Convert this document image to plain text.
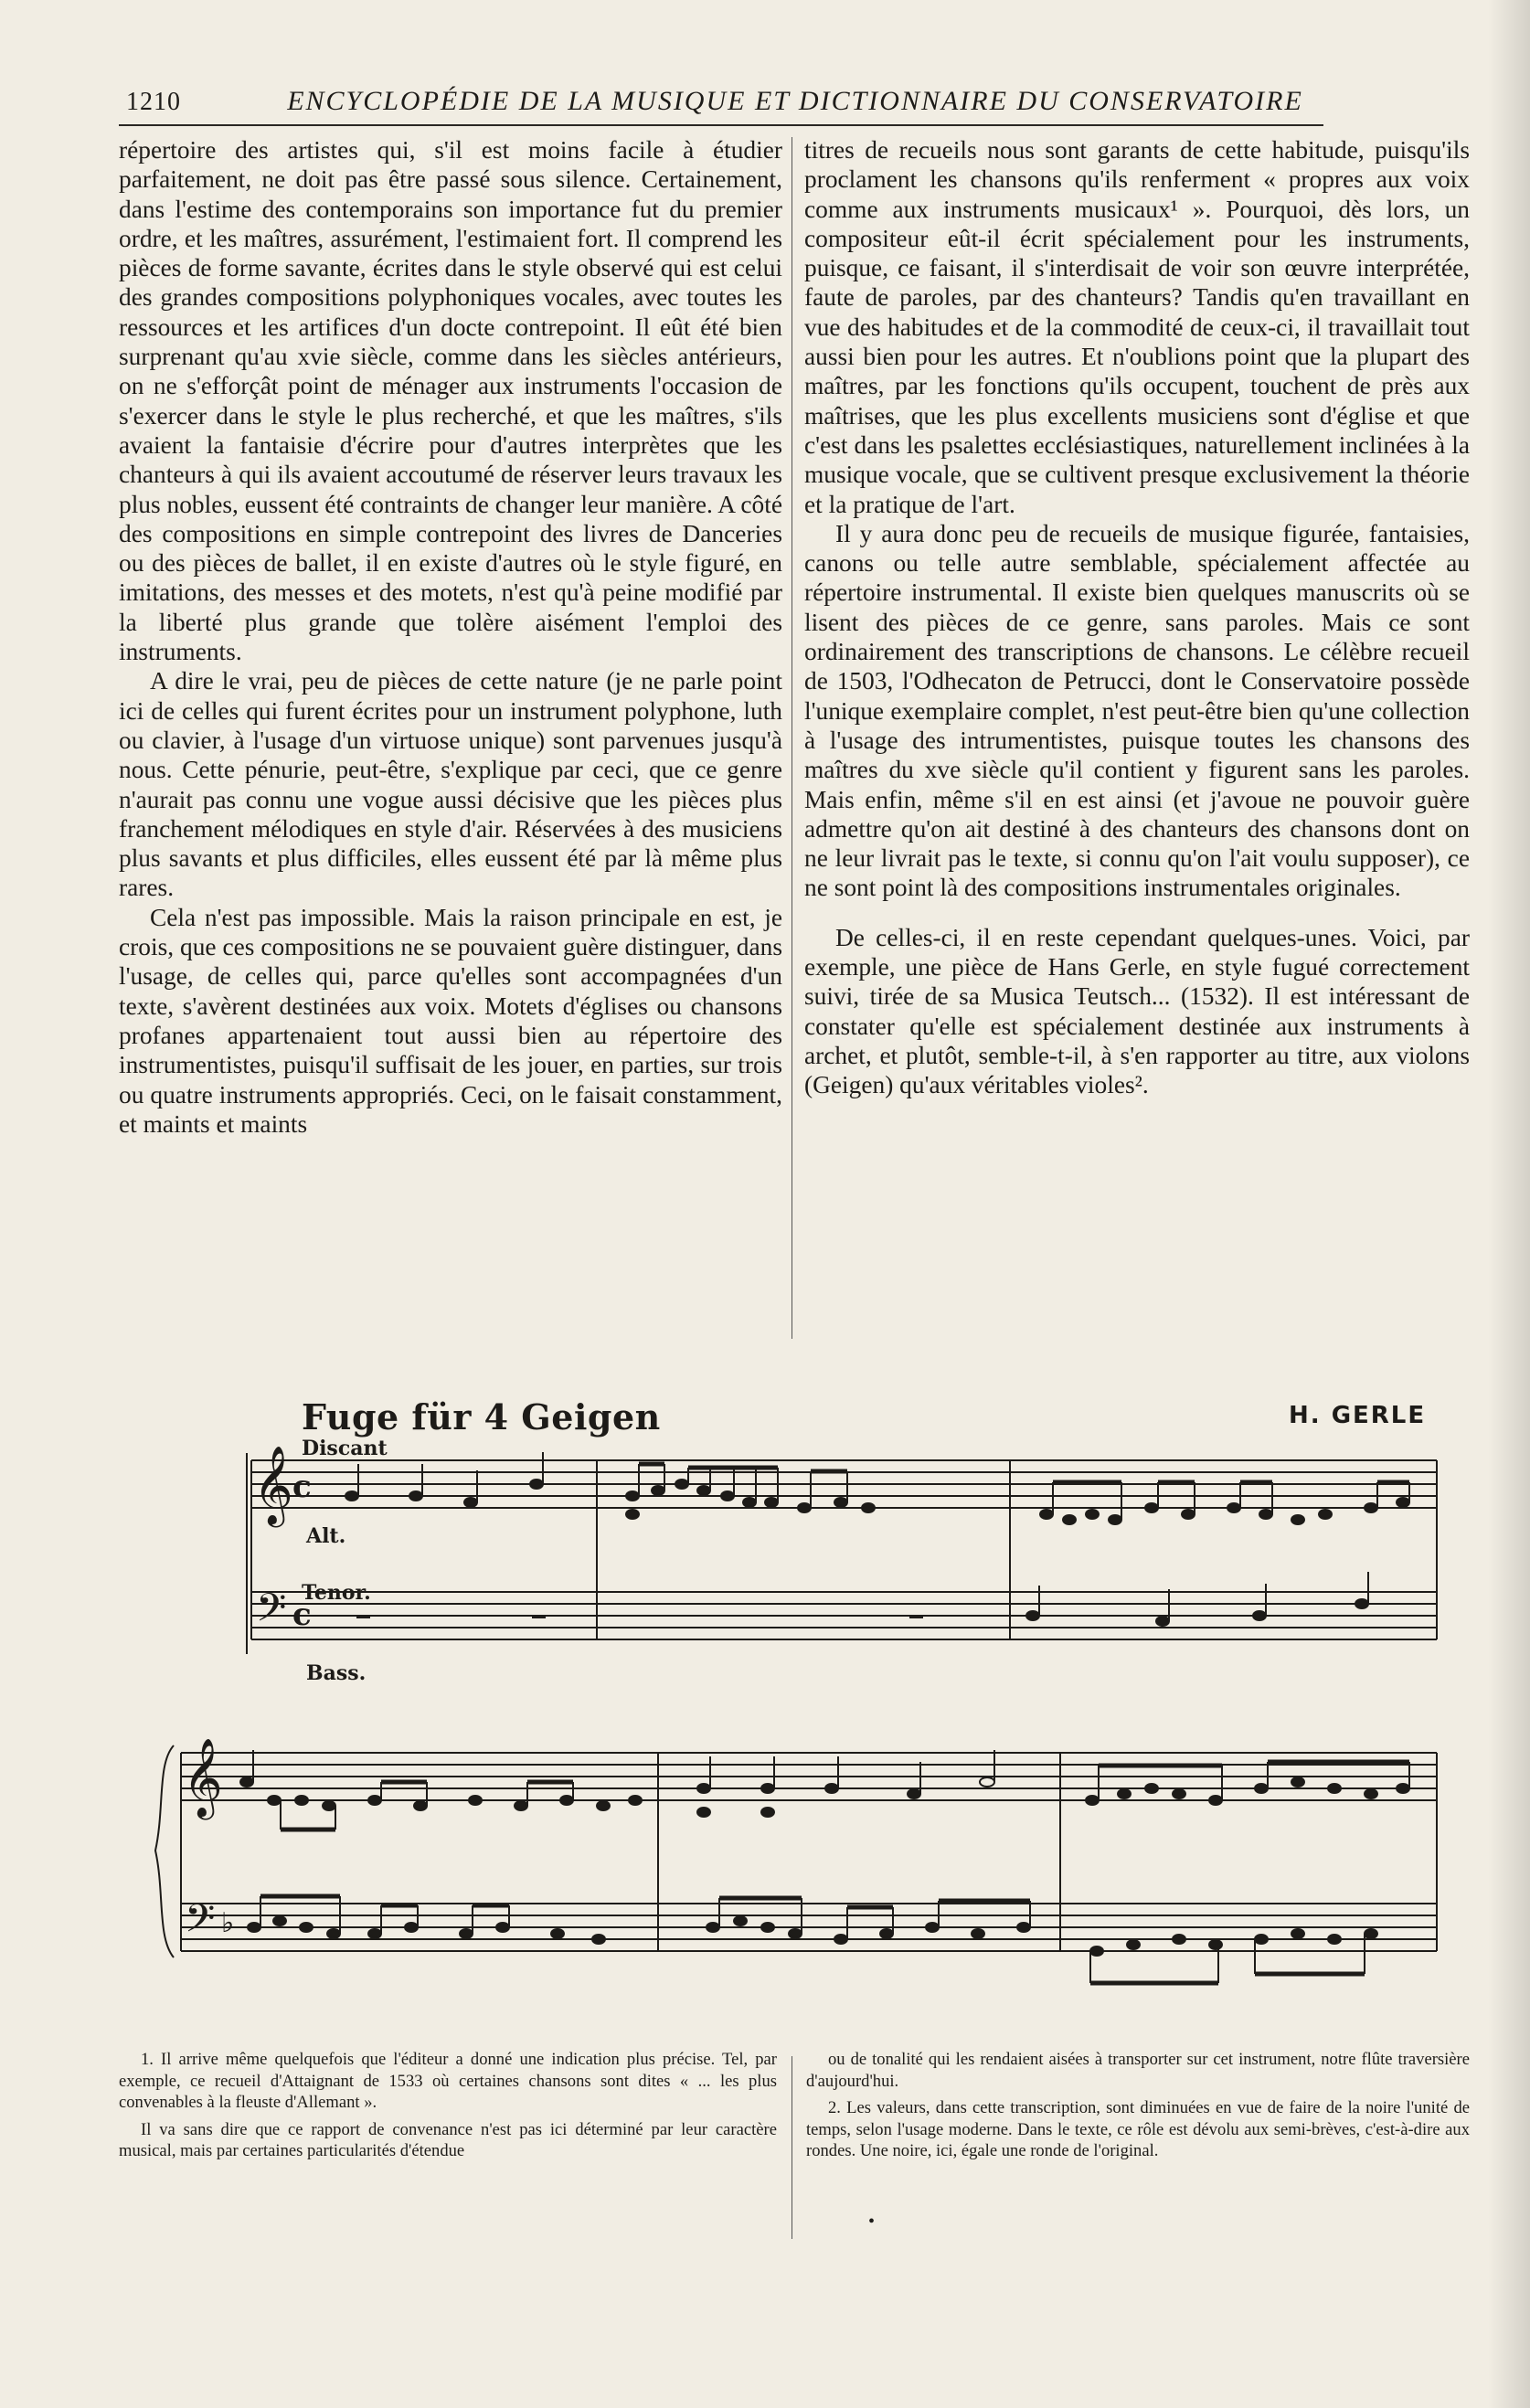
1210	ENCYCLOPÉDIE DE LA MUSIQUE ET DICTIONNAIRE DU CONSERVATOIRE

répertoire des artistes qui, s'il est moins facile à étudier parfaitement, ne doit pas être passé sous silence. Certainement, dans l'estime des contemporains son importance fut du premier ordre, et les maîtres, assurément, l'estimaient fort. Il comprend les pièces de forme savante, écrites dans le style observé qui est celui des grandes compositions polyphoniques vocales, avec toutes les ressources et les artifices d'un docte contrepoint. Il eût été bien surprenant qu'au xvie siècle, comme dans les siècles antérieurs, on ne s'efforçât point de ménager aux instruments l'occasion de s'exercer dans le style le plus recherché, et que les maîtres, s'ils avaient la fantaisie d'écrire pour d'autres interprètes que les chanteurs à qui ils avaient accoutumé de réserver leurs travaux les plus nobles, eussent été contraints de changer leur manière. A côté des compositions en simple contrepoint des livres de Danceries ou des pièces de ballet, il en existe d'autres où le style figuré, en imitations, des messes et des motets, n'est qu'à peine modifié par la liberté plus grande que tolère aisément l'emploi des instruments.

A dire le vrai, peu de pièces de cette nature (je ne parle point ici de celles qui furent écrites pour un instrument polyphone, luth ou clavier, à l'usage d'un virtuose unique) sont parvenues jusqu'à nous. Cette pénurie, peut-être, s'explique par ceci, que ce genre n'aurait pas connu une vogue aussi décisive que les pièces plus franchement mélodiques en style d'air. Réservées à des musiciens plus savants et plus difficiles, elles eussent été par là même plus rares.

Cela n'est pas impossible. Mais la raison principale en est, je crois, que ces compositions ne se pouvaient guère distinguer, dans l'usage, de celles qui, parce qu'elles sont accompagnées d'un texte, s'avèrent destinées aux voix. Motets d'églises ou chansons profanes appartenaient tout aussi bien au répertoire des instrumentistes, puisqu'il suffisait de les jouer, en parties, sur trois ou quatre instruments appropriés. Ceci, on le faisait constamment, et maints et maints

titres de recueils nous sont garants de cette habitude, puisqu'ils proclament les chansons qu'ils renferment « propres aux voix comme aux instruments musicaux¹ ». Pourquoi, dès lors, un compositeur eût-il écrit spécialement pour les instruments, puisque, ce faisant, il s'interdisait de voir son œuvre interprétée, faute de paroles, par des chanteurs? Tandis qu'en travaillant en vue des habitudes et de la commodité de ceux-ci, il travaillait tout aussi bien pour les autres. Et n'oublions point que la plupart des maîtres, par les fonctions qu'ils occupent, touchent de près aux maîtrises, que les plus excellents musiciens sont d'église et que c'est dans les psalettes ecclésiastiques, naturellement inclinées à la musique vocale, que se cultivent presque exclusivement la théorie et la pratique de l'art.

Il y aura donc peu de recueils de musique figurée, fantaisies, canons ou telle autre semblable, spécialement affectée au répertoire instrumental. Il existe bien quelques manuscrits où se lisent des pièces de ce genre, sans paroles. Mais ce sont ordinairement des transcriptions de chansons. Le célèbre recueil de 1503, l'Odhecaton de Petrucci, dont le Conservatoire possède l'unique exemplaire complet, n'est peut-être bien qu'une collection à l'usage des intrumentistes, puisque toutes les chansons des maîtres du xve siècle qu'il contient y figurent sans les paroles. Mais enfin, même s'il en est ainsi (et j'avoue ne pouvoir guère admettre qu'on ait destiné à des chanteurs des chansons dont on ne leur livrait pas le texte, si connu qu'on l'ait voulu supposer), ce ne sont point là des compositions instrumentales originales.

De celles-ci, il en reste cependant quelques-unes. Voici, par exemple, une pièce de Hans Gerle, en style fugué correctement suivi, tirée de sa Musica Teutsch... (1532). Il est intéressant de constater qu'elle est spécialement destinée aux instruments à archet, et plutôt, semble-t-il, à s'en rapporter au titre, aux violons (Geigen) qu'aux véritables violes².

Fuge für 4 Geigen	H. GERLE
Discant
Alt.
Tenor.
Bass.
𝄞 c
𝄢 c
𝄞
𝄢 ♭

1. Il arrive même quelquefois que l'éditeur a donné une indication plus précise. Tel, par exemple, ce recueil d'Attaignant de 1533 où certaines chansons sont dites « ... les plus convenables à la fleuste d'Allemant ».

Il va sans dire que ce rapport de convenance n'est pas ici déterminé par leur caractère musical, mais par certaines particularités d'étendue

ou de tonalité qui les rendaient aisées à transporter sur cet instrument, notre flûte traversière d'aujourd'hui.

2. Les valeurs, dans cette transcription, sont diminuées en vue de faire de la noire l'unité de temps, selon l'usage moderne. Dans le texte, ce rôle est dévolu aux semi-brèves, c'est-à-dire aux rondes. Une noire, ici, égale une ronde de l'original.

•
